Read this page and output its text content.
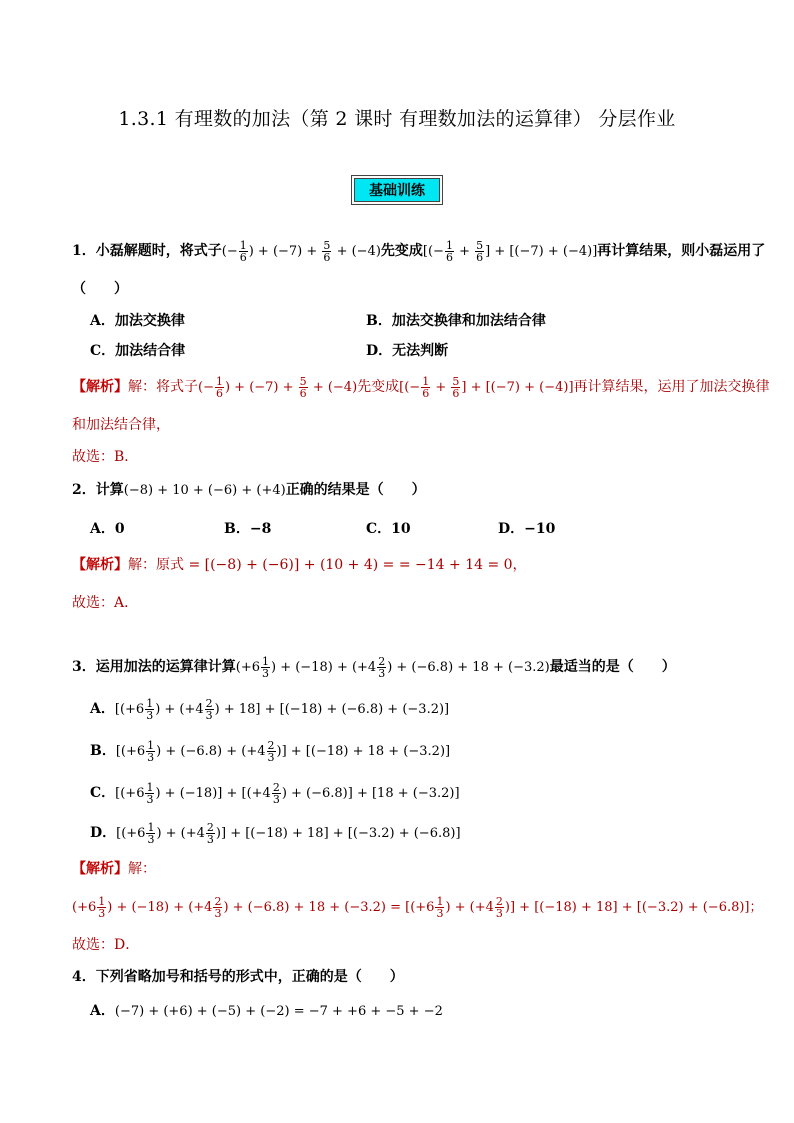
1.3.1 有理数的加法（第 2 课时 有理数加法的运算律） 分层作业
基础训练
1．小磊解题时，将式子(− $\frac{1}{6}$ ) + $(-7) + \frac{5}{6} + (-4)$先变成[(− $\frac{1}{6} + \frac{5}{6}$ ] + [(−7) + (−4)]再计算结果，则小磊运用了
（　　）
A．加法交换律	B．加法交换律和加法结合律
C．加法结合律	D．无法判断
【解析】解：将式子(− $\frac{1}{6}$ ) + $(-7) + \frac{5}{6} + (-4)$先变成[(− $\frac{1}{6} + \frac{5}{6}$ ] + [(−7) + (−4)]再计算结果，运用了加法交换律
和加法结合律，
故选：B．
2．计算(−8) + 10 + (−6) + (+4)正确的结果是（　　）
A．0	B．−8	C．10	D．−10
【解析】解：原式 = [(−8) + (−6)] + (10 + 4) = = −14 + 14 = 0，
故选：A．
3．运用加法的运算律计算($+6 \frac{1}{3}$ ) + $(-18) + (+4 \frac{2}{3}$ ) + (−6.8) + 18 + (−3.2)最适当的是（　　）
A．[($+6 \frac{1}{3}$ ) + ($+4 \frac{2}{3}$ ) + 18] + [(−18) + (−6.8) + (−3.2)]
B．[($+6 \frac{1}{3}$ ) + $(-6.8) + (+4 \frac{2}{3}$ )] + [(−18) + 18 + (−3.2)]
C．[($+6 \frac{1}{3}$ ) + $(-18)] + [(+4 \frac{2}{3}$ ) + (−6.8)] + [18 + (−3.2)]
D．[($+6 \frac{1}{3}$ ) + ($+4 \frac{2}{3}$ )] + [(−18) + 18] + [(−3.2) + (−6.8)]
【解析】解：
($+6 \frac{1}{3}$ ) + $(-18) + (+4 \frac{2}{3}$ ) + $(-6.8) + 18 + (-3.2) = [(+6 \frac{1}{3}$ ) + ($+4 \frac{2}{3}$ )] + [(−18) + 18] + [(−3.2) + (−6.8)]；
故选：D．
4．下列省略加号和括号的形式中，正确的是（　　）
A．(−7) + (+6) + (−5) + (−2) = −7 + +6 + −5 + −2
